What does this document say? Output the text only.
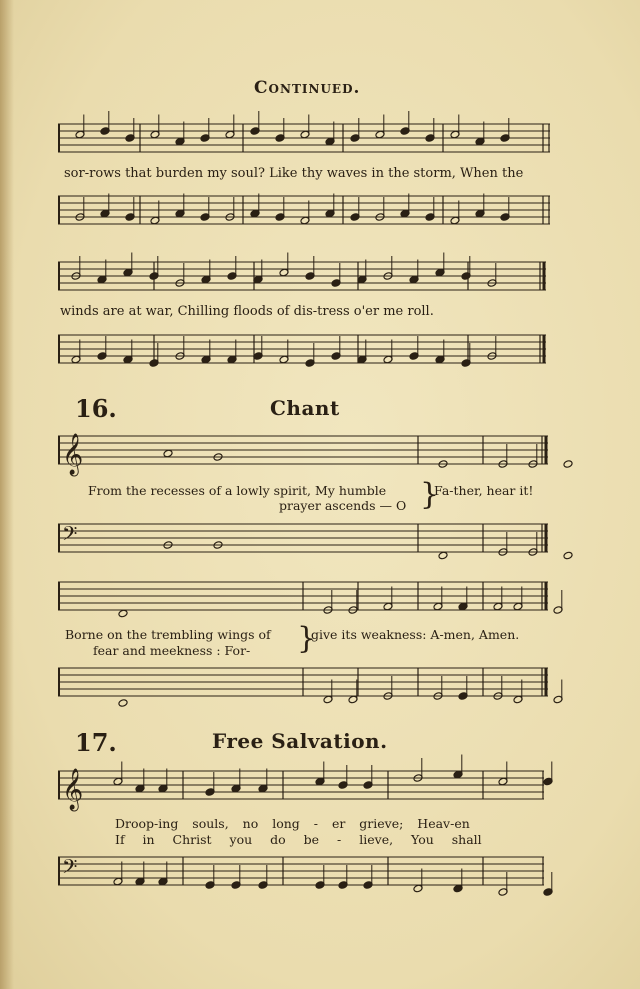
Continued.
sor-rows that burden my soul? Like thy waves in the storm, When the
winds are at war, Chilling floods of dis-tress o'er me roll.
16.	Chant
𝄞
From the recesses of a lowly spirit, My humble
prayer ascends — O }
Fa-ther, hear it!
𝄢
Borne on the trembling wings of
fear and meekness : For- }
give its weakness: A-men, Amen.
17.	Free Salvation.
𝄞
Droop-ing souls, no long - er grieve; Heav-en
If in Christ you do be - lieve, You shall
𝄢
